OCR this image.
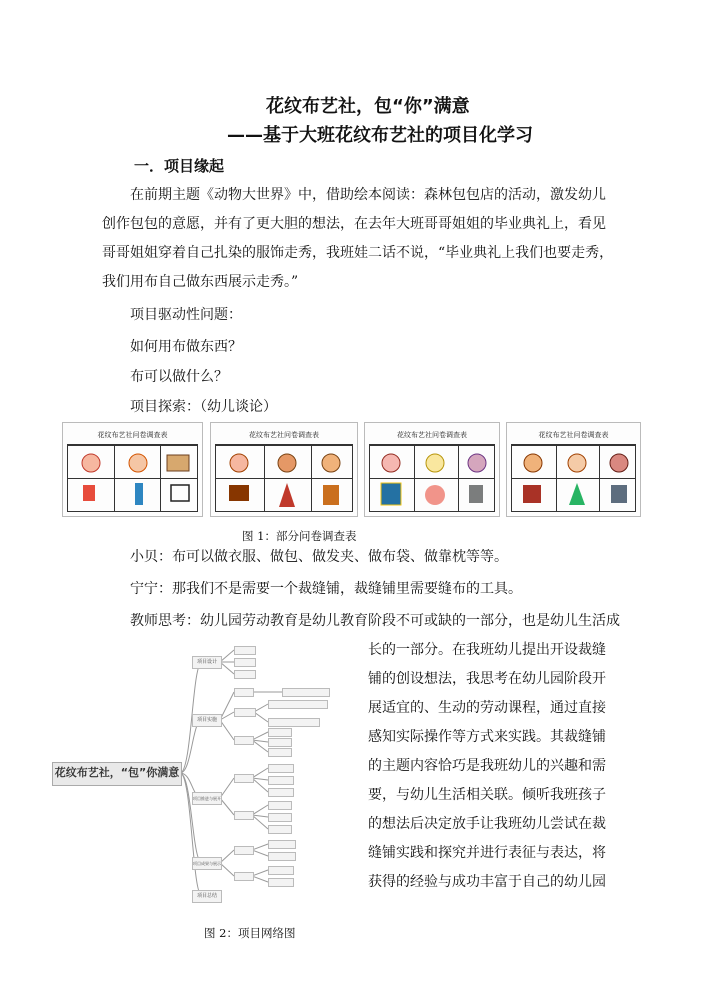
花纹布艺社，包“你”满意
——基于大班花纹布艺社的项目化学习
一．项目缘起
在前期主题《动物大世界》中，借助绘本阅读：森林包包店的活动，激发幼儿
创作包包的意愿，并有了更大胆的想法，在去年大班哥哥姐姐的毕业典礼上，看见
哥哥姐姐穿着自己扎染的服饰走秀，我班娃二话不说，“毕业典礼上我们也要走秀，
我们用布自己做东西展示走秀。”
项目驱动性问题：
如何用布做东西？
布可以做什么？
项目探索：（幼儿谈论）
花纹布艺社问卷调查表	花纹布艺社问卷调查表	花纹布艺社问卷调查表	花纹布艺社问卷调查表
图 1：部分问卷调查表
小贝：布可以做衣服、做包、做发夹、做布袋、做靠枕等等。
宁宁：那我们不是需要一个裁缝铺，裁缝铺里需要缝布的工具。
教师思考：幼儿园劳动教育是幼儿教育阶段不可或缺的一部分，也是幼儿生活成
长的一部分。在我班幼儿提出开设裁缝
铺的创设想法，我思考在幼儿园阶段开
展适宜的、生动的劳动课程，通过直接
感知实际操作等方式来实践。其裁缝铺
的主题内容恰巧是我班幼儿的兴趣和需
要，与幼儿生活相关联。倾听我班孩子
的想法后决定放手让我班幼儿尝试在裁
缝铺实践和探究并进行表征与表达，将
获得的经验与成功丰富于自己的幼儿园
花纹布艺社，“包”你满意
项目设计
项目实施
项目推进与展开
项目成果与展示
项目总结
图 2：项目网络图
